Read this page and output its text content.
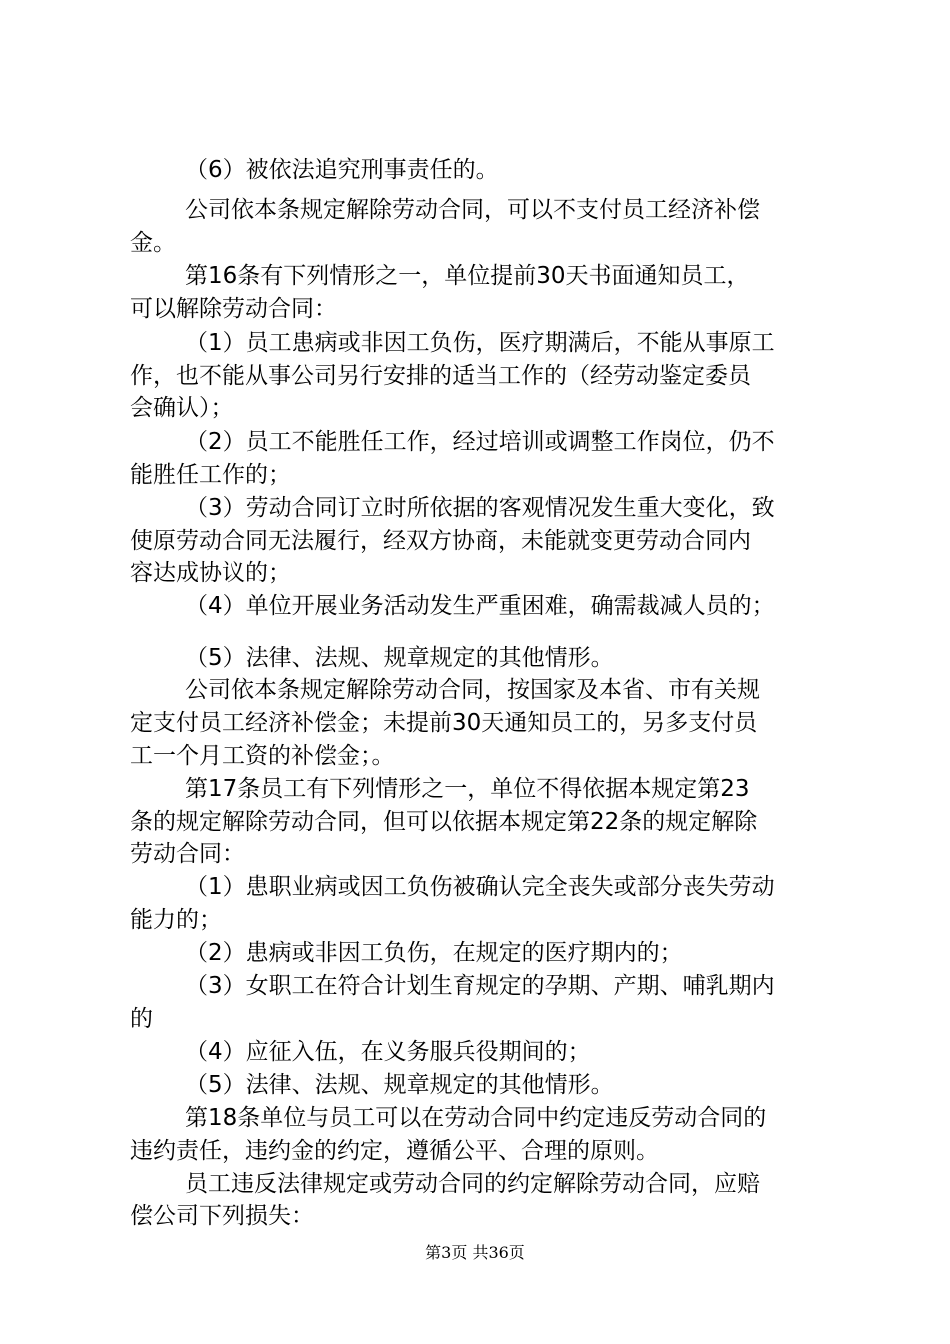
（6）被依法追究刑事责任的。
公司依本条规定解除劳动合同，可以不支付员工经济补偿
金。
第16条有下列情形之一，单位提前30天书面通知员工，
可以解除劳动合同：
（1）员工患病或非因工负伤，医疗期满后，不能从事原工
作，也不能从事公司另行安排的适当工作的（经劳动鉴定委员
会确认）；
（2）员工不能胜任工作，经过培训或调整工作岗位，仍不
能胜任工作的；
（3）劳动合同订立时所依据的客观情况发生重大变化，致
使原劳动合同无法履行，经双方协商，未能就变更劳动合同内
容达成协议的；
（4）单位开展业务活动发生严重困难，确需裁减人员的；
（5）法律、法规、规章规定的其他情形。
公司依本条规定解除劳动合同，按国家及本省、市有关规
定支付员工经济补偿金；未提前30天通知员工的，另多支付员
工一个月工资的补偿金；。
第17条员工有下列情形之一，单位不得依据本规定第23
条的规定解除劳动合同，但可以依据本规定第22条的规定解除
劳动合同：
（1）患职业病或因工负伤被确认完全丧失或部分丧失劳动
能力的；
（2）患病或非因工负伤，在规定的医疗期内的；
（3）女职工在符合计划生育规定的孕期、产期、哺乳期内
的
（4）应征入伍，在义务服兵役期间的；
（5）法律、法规、规章规定的其他情形。
第18条单位与员工可以在劳动合同中约定违反劳动合同的
违约责任，违约金的约定，遵循公平、合理的原则。
员工违反法律规定或劳动合同的约定解除劳动合同，应赔
偿公司下列损失：
第3页 共36页
